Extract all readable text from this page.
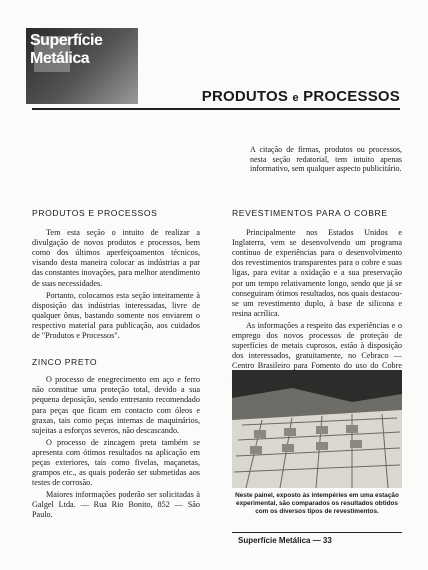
Superfície
Metálica
PRODUTOS e PROCESSOS
A citação de firmas, produtos ou processos, nesta seção redatorial, tem intuito apenas informativo, sem qualquer aspecto publicitário.
PRODUTOS E PROCESSOS

Tem esta seção o intuito de realizar a divulgação de novos produtos e processos, bem como dos últimos aperfeiçoamentos técnicos, visando desta maneira colocar as indústrias a par das constantes inovações, para melhor atendimento de suas necessidades.

Portanto, colocamos esta seção inteiramente à disposição das indústrias interessadas, livre de qualquer ônus, bastando somente nos enviarem o respectivo material para publicação, aos cuidados de "Produtos e Processos".

ZINCO PRETO

O processo de enegrecimento em aço e ferro não constitue uma proteção total, devido a sua pequena deposição, sendo entretanto recomendado para peças que ficam em contacto com óleos e graxas, tais como peças internas de maquinários, sujeitas a esforços severos, não descascando.

O processo de zincagem preta também se apresenta com ótimos resultados na aplicação em peças exteriores, tais como fivelas, maçanetas, grampos etc., as quais poderão ser submetidas aos testes de corrosão.

Maiores informações poderão ser solicitadas à Galgel Ltda. — Rua Rio Bonito, 852 — São Paulo.

REVESTIMENTOS PARA O COBRE

Principalmente nos Estados Unidos e Inglaterra, vem se desenvolvendo um programa contínuo de experiências para o desenvolvimento dos revestimentos transparentes para o cobre e suas ligas, para evitar a oxidação e a sua preservação por um tempo relativamente longo, sendo que já se conseguiram ótimos resultados, nos quais destacou-se um revestimento duplo, à base de silicona e resina acrílica.

As informações a respeito das experiências e o emprego dos novos processos de proteção de superfícies de metais cuprosos, estão à disposição dos interessados, gratuitamente, no Cebraco — Centro Brasileiro para Fomento do uso do Cobre

Neste painel, exposto às intempéries em uma estação experimental, são comparados os resultados obtidos com os diversos tipos de revestimentos.
Superfície Metálica — 33
